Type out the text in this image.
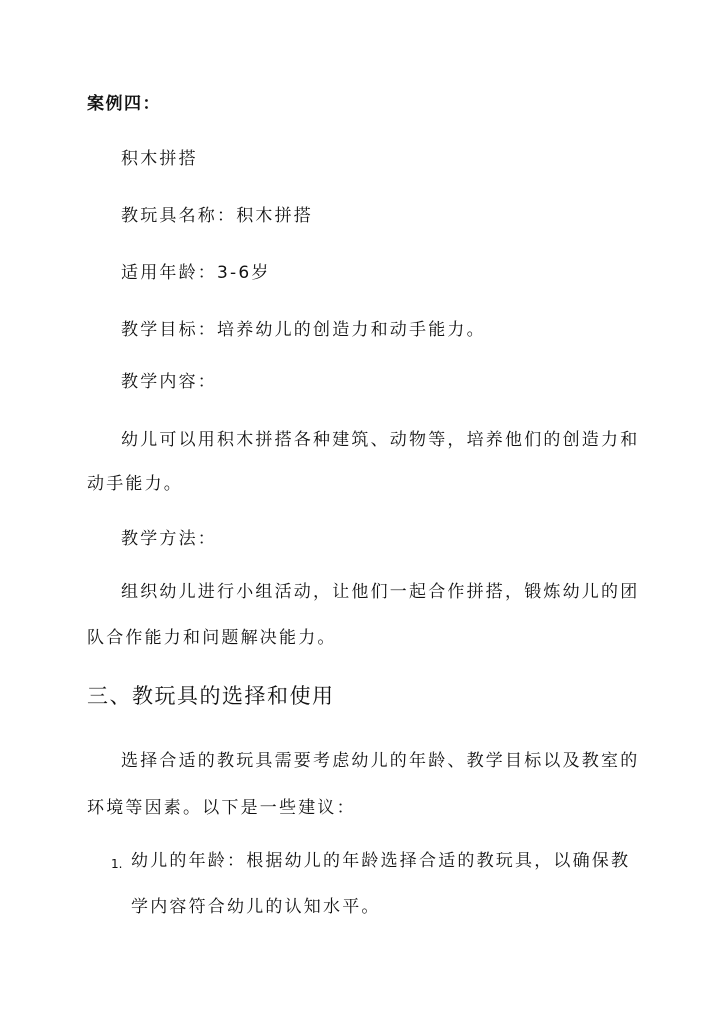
案例四：
积木拼搭
教玩具名称：积木拼搭
适用年龄：3-6岁
教学目标：培养幼儿的创造力和动手能力。
教学内容：
幼儿可以用积木拼搭各种建筑、动物等，培养他们的创造力和
动手能力。
教学方法：
组织幼儿进行小组活动，让他们一起合作拼搭，锻炼幼儿的团
队合作能力和问题解决能力。
三、教玩具的选择和使用
选择合适的教玩具需要考虑幼儿的年龄、教学目标以及教室的
环境等因素。以下是一些建议：
1. 幼儿的年龄：根据幼儿的年龄选择合适的教玩具，以确保教
学内容符合幼儿的认知水平。
